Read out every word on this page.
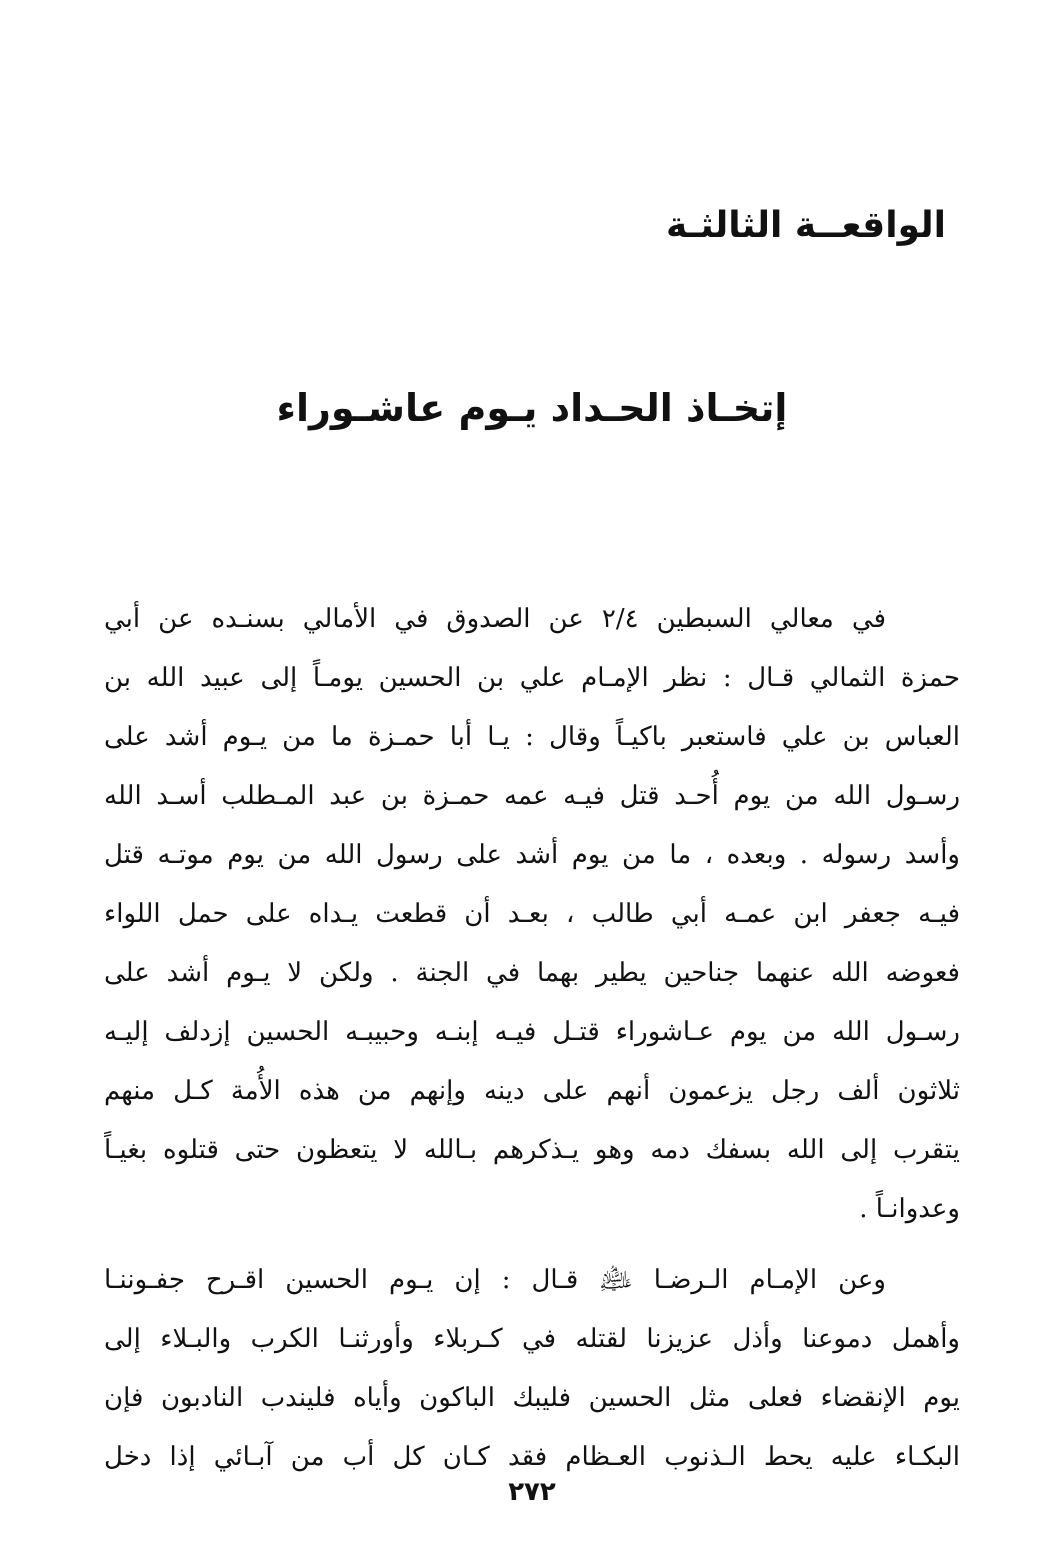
الواقعــة الثالثـة
إتخـاذ الحـداد يـوم عاشـوراء
في معالي السبطين ٢/٤ عن الصدوق في الأمالي بسنـده عن أبي
حمزة الثمالي قـال : نظر الإمـام علي بن الحسين يومـاً إلى عبيد الله بن
العباس بن علي فاستعبر باكيـاً وقال : يـا أبا حمـزة ما من يـوم أشد على
رسـول الله من يوم أُحـد قتل فيـه عمه حمـزة بن عبد المـطلب أسـد الله
وأسد رسوله . وبعده ، ما من يوم أشد على رسول الله من يوم موتـه قتل
فيـه جعفر ابن عمـه أبي طالب ، بعـد أن قطعت يـداه على حمل اللواء
فعوضه الله عنهما جناحين يطير بهما في الجنة . ولكن لا يـوم أشد على
رسـول الله من يوم عـاشوراء قتـل فيـه إبنـه وحبيبـه الحسين إزدلف إليـه
ثلاثون ألف رجل يزعمون أنهم على دينه وإنهم من هذه الأُمة كـل منهم
يتقرب إلى الله بسفك دمه وهو يـذكرهم بـالله لا يتعظون حتى قتلوه بغيـاً
وعدوانـاً .
وعن الإمـام الـرضـا ﵇ قـال : إن يـوم الحسين اقـرح جفـوننـا
وأهمل دموعنا وأذل عزيزنا لقتله في كـربلاء وأورثنـا الكرب والبـلاء إلى
يوم الإنقضاء فعلى مثل الحسين فليبك الباكون وأياه فليندب النادبون فإن
البكـاء عليه يحط الـذنوب العـظام فقد كـان كل أب من آبـائي إذا دخل
٢٧٢
